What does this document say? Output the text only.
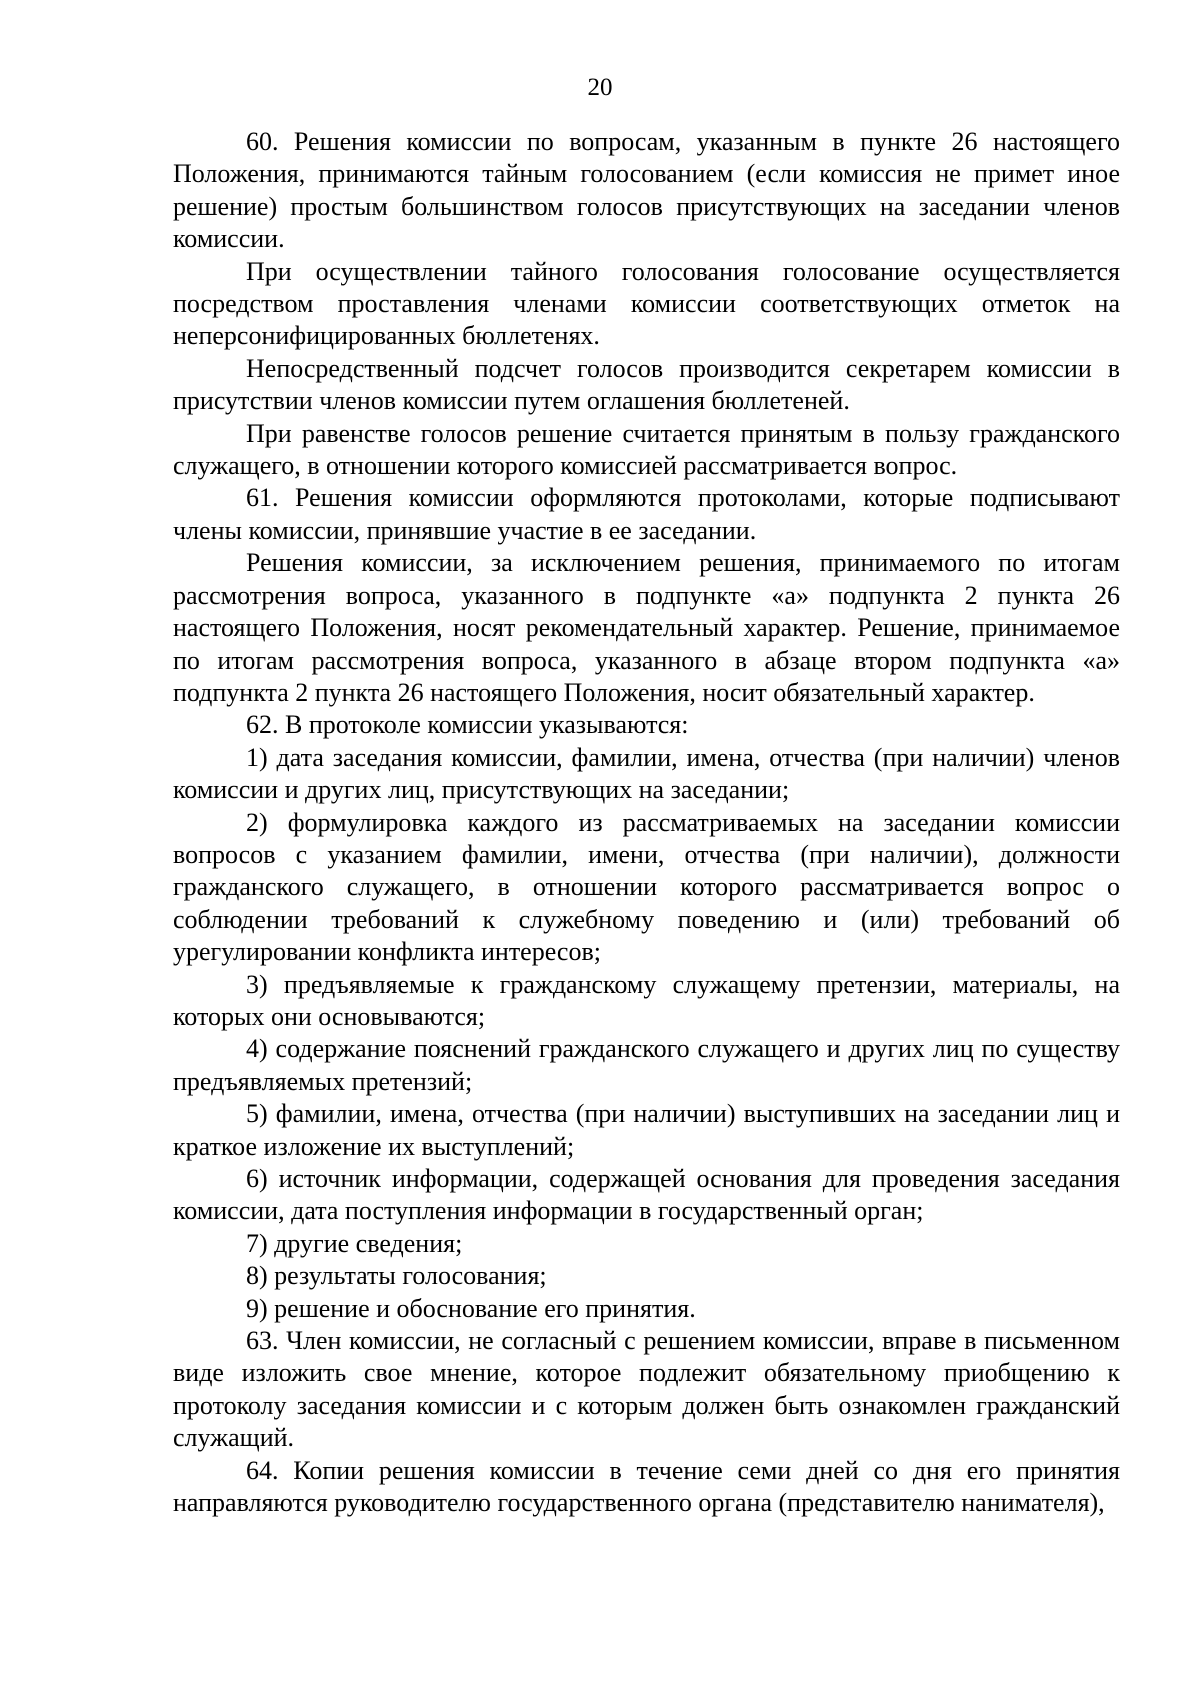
20

60. Решения комиссии по вопросам, указанным в пункте 26 настоящего Положения, принимаются тайным голосованием (если комиссия не примет иное решение) простым большинством голосов присутствующих на заседании членов комиссии.

При осуществлении тайного голосования голосование осуществляется посредством проставления членами комиссии соответствующих отметок на неперсонифицированных бюллетенях.

Непосредственный подсчет голосов производится секретарем комиссии в присутствии членов комиссии путем оглашения бюллетеней.

При равенстве голосов решение считается принятым в пользу гражданского служащего, в отношении которого комиссией рассматривается вопрос.

61. Решения комиссии оформляются протоколами, которые подписывают члены комиссии, принявшие участие в ее заседании.

Решения комиссии, за исключением решения, принимаемого по итогам рассмотрения вопроса, указанного в подпункте «а» подпункта 2 пункта 26 настоящего Положения, носят рекомендательный характер. Решение, принимаемое по итогам рассмотрения вопроса, указанного в абзаце втором подпункта «а» подпункта 2 пункта 26 настоящего Положения, носит обязательный характер.

62. В протоколе комиссии указываются:

1) дата заседания комиссии, фамилии, имена, отчества (при наличии) членов комиссии и других лиц, присутствующих на заседании;

2) формулировка каждого из рассматриваемых на заседании комиссии вопросов с указанием фамилии, имени, отчества (при наличии), должности гражданского служащего, в отношении которого рассматривается вопрос о соблюдении требований к служебному поведению и (или) требований об урегулировании конфликта интересов;

3) предъявляемые к гражданскому служащему претензии, материалы, на которых они основываются;

4) содержание пояснений гражданского служащего и других лиц по существу предъявляемых претензий;

5) фамилии, имена, отчества (при наличии) выступивших на заседании лиц и краткое изложение их выступлений;

6) источник информации, содержащей основания для проведения заседания комиссии, дата поступления информации в государственный орган;

7) другие сведения;

8) результаты голосования;

9) решение и обоснование его принятия.

63. Член комиссии, не согласный с решением комиссии, вправе в письменном виде изложить свое мнение, которое подлежит обязательному приобщению к протоколу заседания комиссии и с которым должен быть ознакомлен гражданский служащий.

64. Копии решения комиссии в течение семи дней со дня его принятия направляются руководителю государственного органа (представителю нанимателя),
